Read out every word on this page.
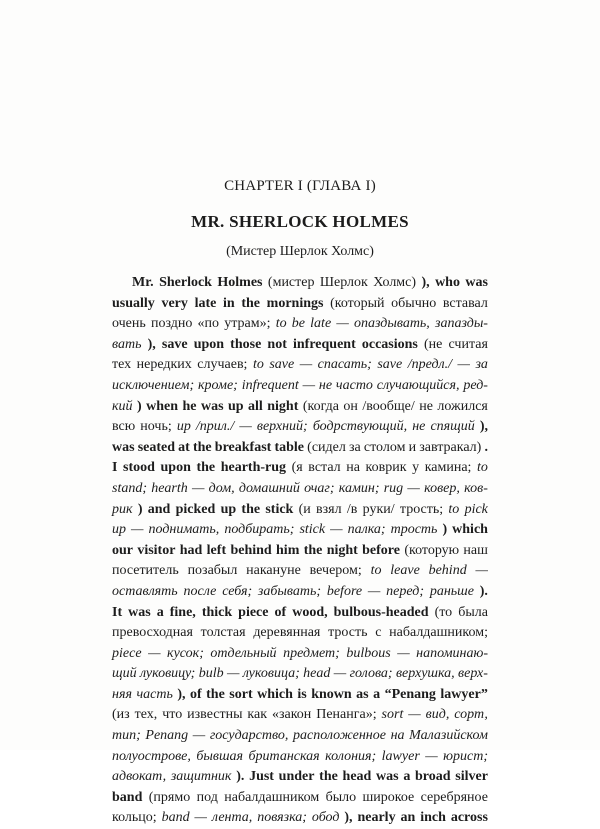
CHAPTER I (ГЛАВА I)
MR. SHERLOCK HOLMES
(Мистер Шерлок Холмс)
Mr. Sherlock Holmes (мистер Шерлок Холмс) ), who was
usually very late in the mornings (который обычно вставал
очень поздно «по утрам»; to be late — опаздывать, запазды-
вать ), save upon those not infrequent occasions (не считая
тех нередких случаев; to save — спасать; save /предл./ — за
исключением; кроме; infrequent — не часто случающийся, ред-
кий ) when he was up all night (когда он /вообще/ не ложился
всю ночь; up /прил./ — верхний; бодрствующий, не спящий ),
was seated at the breakfast table (сидел за столом и завтракал) .
I stood upon the hearth-rug (я встал на коврик у камина; to
stand; hearth — дом, домашний очаг; камин; rug — ковер, ков-
рик ) and picked up the stick (и взял /в руки/ трость; to pick
up — поднимать, подбирать; stick — палка; трость ) which
our visitor had left behind him the night before (которую наш
посетитель позабыл накануне вечером; to leave behind —
оставлять после себя; забывать; before — перед; раньше ).
It was a fine, thick piece of wood, bulbous-headed (то была
превосходная толстая деревянная трость с набалдашником;
piece — кусок; отдельный предмет; bulbous — напоминаю-
щий луковицу; bulb — луковица; head — голова; верхушка, верх-
няя часть ), of the sort which is known as a “Penang lawyer”
(из тех, что известны как «закон Пенанга»; sort — вид, сорт,
тип; Penang — государство, расположенное на Малазийском
полуострове, бывшая британская колония; lawyer — юрист;
адвокат, защитник ). Just under the head was a broad silver
band (прямо под набалдашником было широкое серебряное
кольцо; band — лента, повязка; обод ), nearly an inch across
